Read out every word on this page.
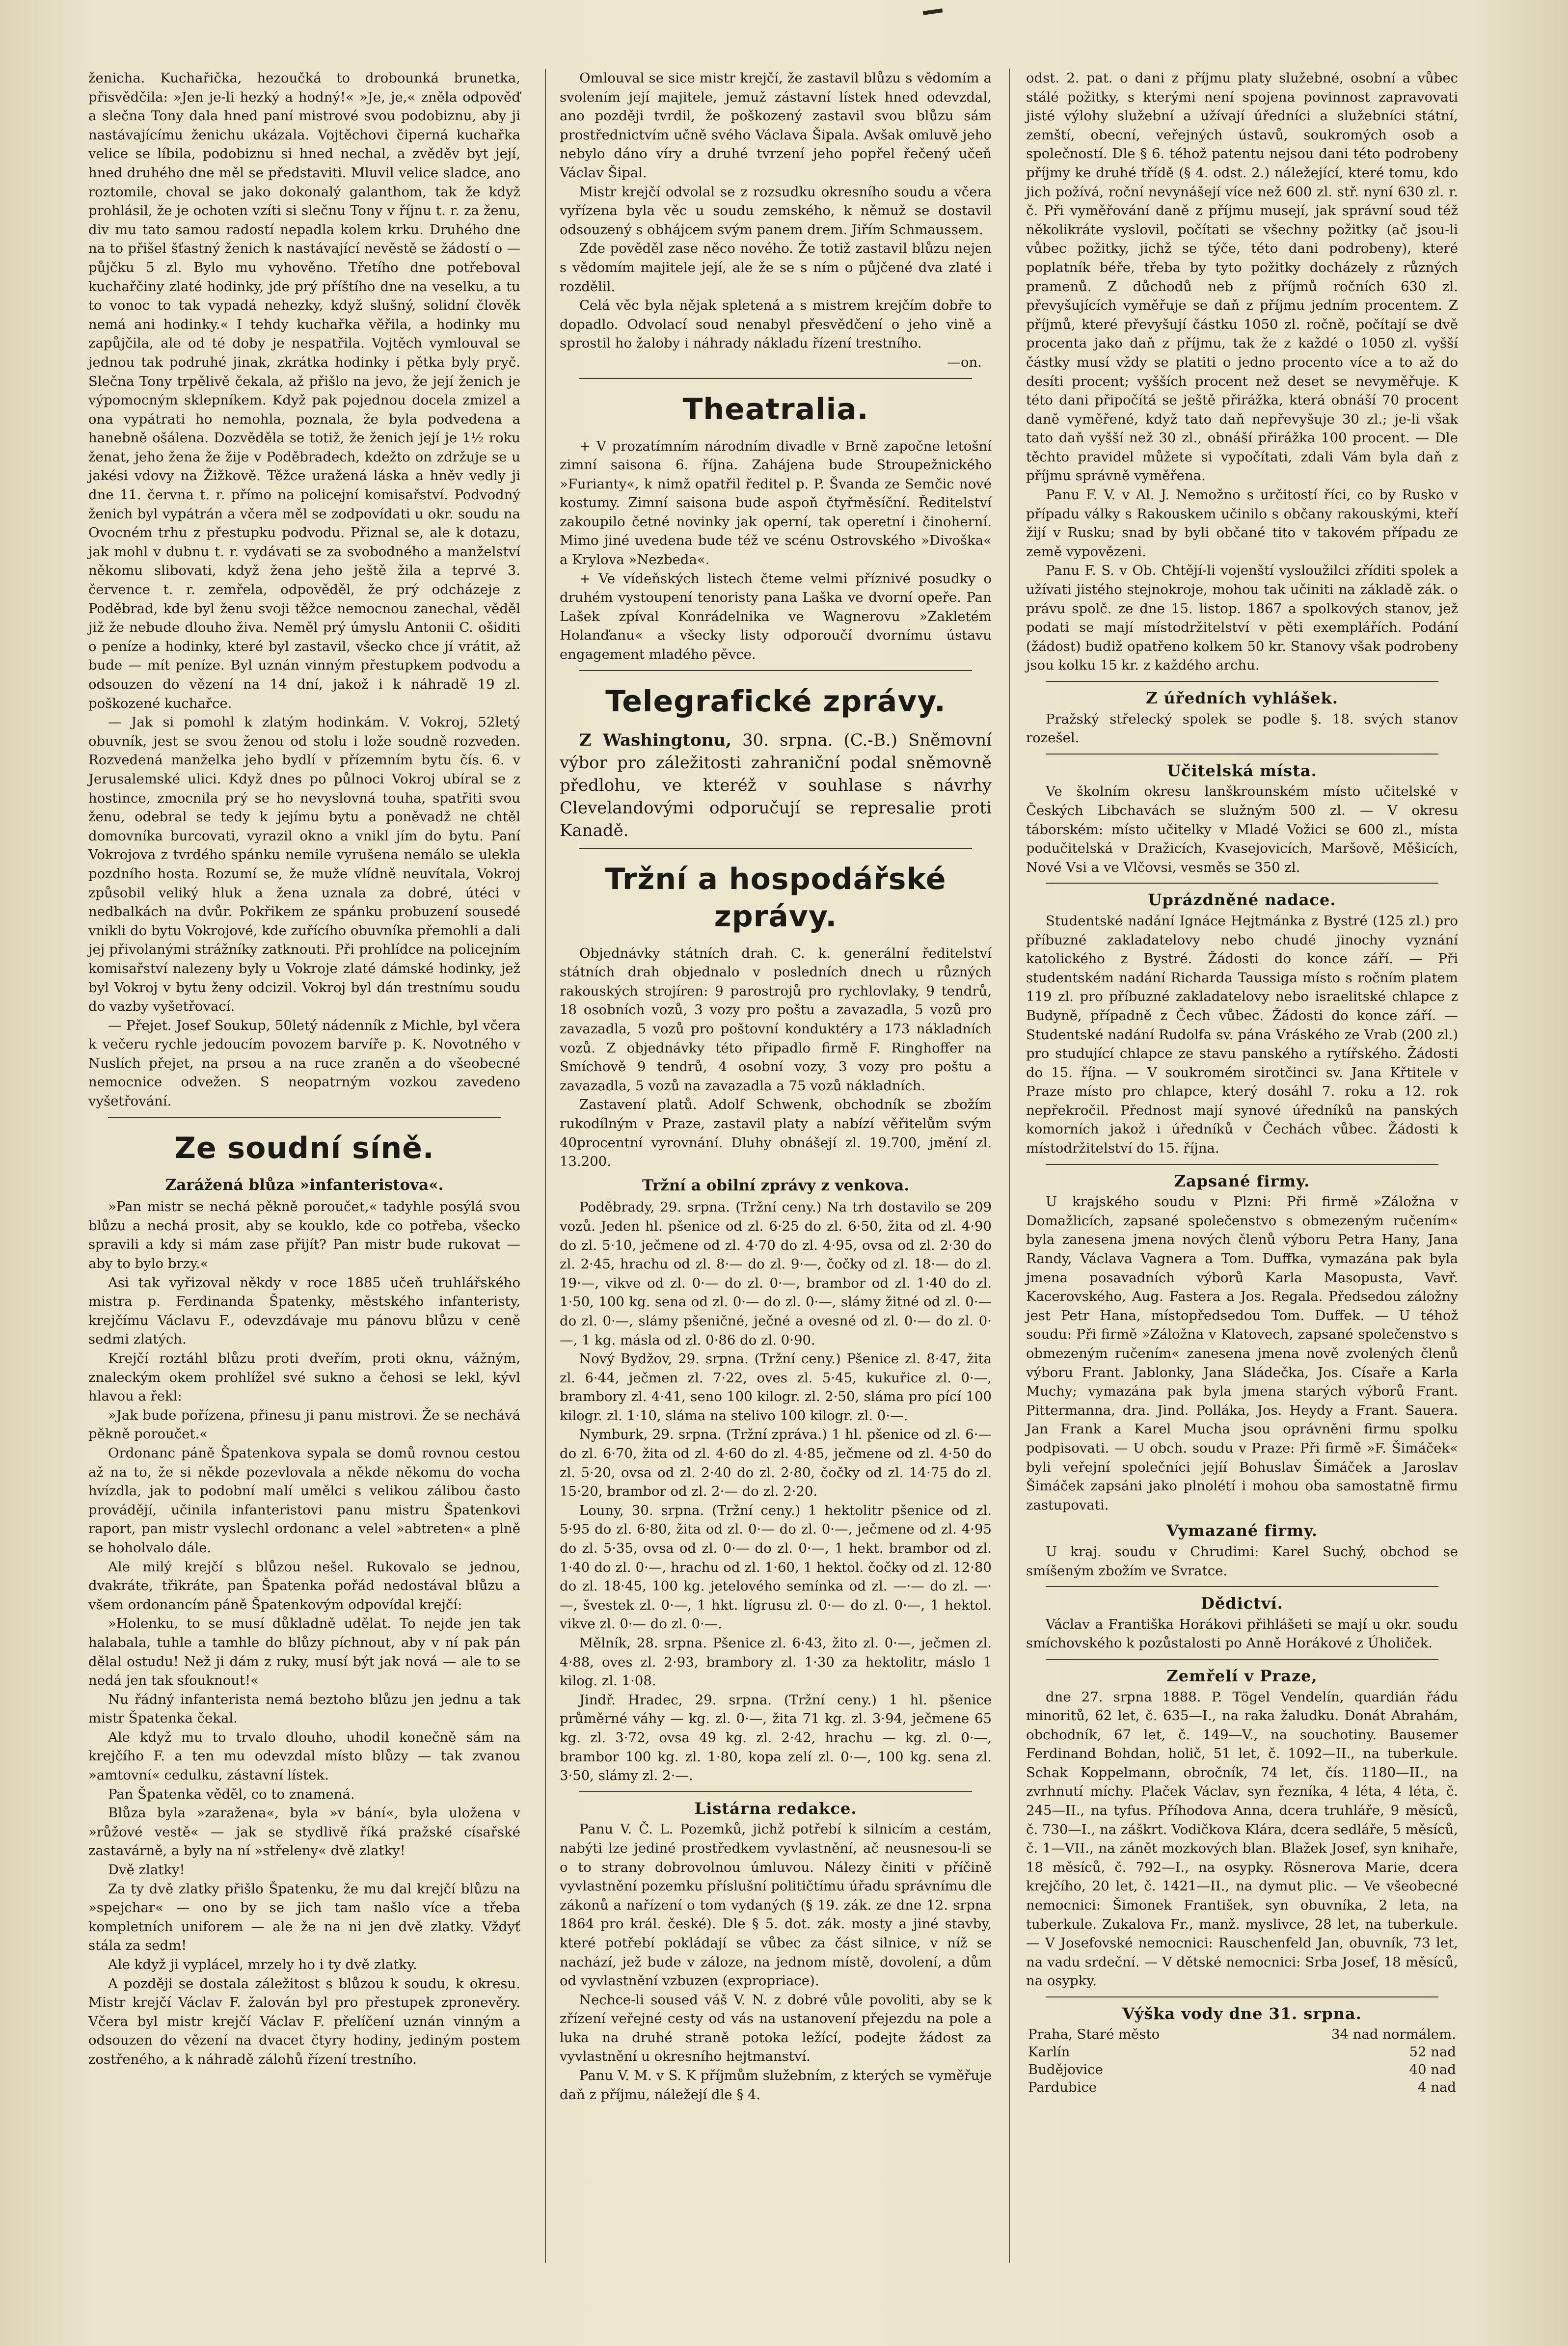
ženicha. Kuchařička, hezoučká to drobounká brunetka, přisvědčila: »Jen je-li hezký a hodný!« »Je, je,« zněla odpověď a slečna Tony dala hned paní mistrové svou podobiznu, aby ji nastávajícímu ženichu ukázala. Vojtěchovi čiperná kuchařka velice se líbila, podobiznu si hned nechal, a zvěděv byt její, hned druhého dne měl se představiti. Mluvil velice sladce, ano roztomile, choval se jako dokonalý galanthom, tak že když prohlásil, že je ochoten vzíti si slečnu Tony v říjnu t. r. za ženu, div mu tato samou radostí nepadla kolem krku. Druhého dne na to přišel šťastný ženich k nastávající nevěstě se žádostí o — půjčku 5 zl. Bylo mu vyhověno. Třetího dne potřeboval kuchařčiny zlaté hodinky, jde prý příštího dne na veselku, a tu to vonoc to tak vypadá nehezky, když slušný, solidní člověk nemá ani hodinky.« I tehdy kuchařka věřila, a hodinky mu zapůjčila, ale od té doby je nespatřila. Vojtěch vymlouval se jednou tak podruhé jinak, zkrátka hodinky i pětka byly pryč. Slečna Tony trpělivě čekala, až přišlo na jevo, že její ženich je výpomocným sklepníkem. Když pak pojednou docela zmizel a ona vypátrati ho nemohla, poznala, že byla podvedena a hanebně ošálena. Dozvěděla se totiž, že ženich její je 1½ roku ženat, jeho žena že žije v Poděbradech, kdežto on zdržuje se u jakési vdovy na Žižkově. Těžce uražená láska a hněv vedly ji dne 11. června t. r. přímo na policejní komisařství. Podvodný ženich byl vypátrán a včera měl se zodpovídati u okr. soudu na Ovocném trhu z přestupku podvodu. Přiznal se, ale k dotazu, jak mohl v dubnu t. r. vydávati se za svobodného a manželství někomu slibovati, když žena jeho ještě žila a teprvé 3. července t. r. zemřela, odpověděl, že prý odcházeje z Poděbrad, kde byl ženu svoji těžce nemocnou zanechal, věděl již že nebude dlouho živa. Neměl prý úmyslu Antonii C. ošiditi o peníze a hodinky, které byl zastavil, všecko chce jí vrátit, až bude — mít peníze. Byl uznán vinným přestupkem podvodu a odsouzen do vězení na 14 dní, jakož i k náhradě 19 zl. poškozené kuchařce.

— Jak si pomohl k zlatým hodinkám. V. Vokroj, 52letý obuvník, jest se svou ženou od stolu i lože soudně rozveden. Rozvedená manželka jeho bydlí v přízemním bytu čís. 6. v Jerusalemské ulici. Když dnes po půlnoci Vokroj ubíral se z hostince, zmocnila prý se ho nevyslovná touha, spatřiti svou ženu, odebral se tedy k jejímu bytu a poněvadž ne chtěl domovníka burcovati, vyrazil okno a vnikl jím do bytu. Paní Vokrojova z tvrdého spánku nemile vyrušena nemálo se ulekla pozdního hosta. Rozumí se, že muže vlídně neuvítala, Vokroj způsobil veliký hluk a žena uznala za dobré, útéci v nedbalkách na dvůr. Pokřikem ze spánku probuzení sousedé vnikli do bytu Vokrojové, kde zuřícího obuvníka přemohli a dali jej přivolanými strážníky zatknouti. Při prohlídce na policejním komisařství nalezeny byly u Vokroje zlaté dámské hodinky, jež byl Vokroj v bytu ženy odcizil. Vokroj byl dán trestnímu soudu do vazby vyšetřovací.

— Přejet. Josef Soukup, 50letý nádenník z Michle, byl včera k večeru rychle jedoucím povozem barvíře p. K. Novotného v Nuslích přejet, na prsou a na ruce zraněn a do všeobecné nemocnice odvežen. S neopatrným vozkou zavedeno vyšetřování.

Ze soudní síně.
Zarážená blůza »infanteristova«.

»Pan mistr se nechá pěkně poroučet,« tadyhle posýlá svou blůzu a nechá prosit, aby se kouklo, kde co potřeba, všecko spravili a kdy si mám zase přijít? Pan mistr bude rukovat — aby to bylo brzy.«

Asi tak vyřizoval někdy v roce 1885 učeň truhlářského mistra p. Ferdinanda Špatenky, městského infanteristy, krejčímu Václavu F., odevzdávaje mu pánovu blůzu v ceně sedmi zlatých.

Krejčí roztáhl blůzu proti dveřím, proti oknu, vážným, znaleckým okem prohlížel své sukno a čehosi se lekl, kývl hlavou a řekl:

»Jak bude pořízena, přinesu ji panu mistrovi. Že se nechává pěkně poroučet.«

Ordonanc páně Špatenkova sypala se domů rovnou cestou až na to, že si někde pozevlovala a někde někomu do vocha hvízdla, jak to podobní malí umělci s velikou zálibou často provádějí, učinila infanteristovi panu mistru Špatenkovi raport, pan mistr vyslechl ordonanc a velel »abtreten« a plně se hoholvalo dále.

Ale milý krejčí s blůzou nešel. Rukovalo se jednou, dvakráte, třikráte, pan Špatenka pořád nedostával blůzu a všem ordonancím páně Špatenkovým odpovídal krejčí:

»Holenku, to se musí důkladně udělat. To nejde jen tak halabala, tuhle a tamhle do blůzy píchnout, aby v ní pak pán dělal ostudu! Než ji dám z ruky, musí být jak nová — ale to se nedá jen tak sfouknout!«

Nu řádný infanterista nemá beztoho blůzu jen jednu a tak mistr Špatenka čekal.

Ale když mu to trvalo dlouho, uhodil konečně sám na krejčího F. a ten mu odevzdal místo blůzy — tak zvanou »amtovní« cedulku, zástavní lístek.

Pan Špatenka věděl, co to znamená.

Blůza byla »zaražena«, byla »v bání«, byla uložena v »růžové vestě« — jak se stydlivě říká pražské císařské zastavárně, a byly na ní »střeleny« dvě zlatky!

Dvě zlatky!

Za ty dvě zlatky přišlo Špatenku, že mu dal krejčí blůzu na »spejchar« — ono by se jich tam našlo více a třeba kompletních uniforem — ale že na ni jen dvě zlatky. Vždyť stála za sedm!

Ale když ji vyplácel, mrzely ho i ty dvě zlatky.

A později se dostala záležitost s blůzou k soudu, k okresu. Mistr krejčí Václav F. žalován byl pro přestupek zpronevěry. Včera byl mistr krejčí Václav F. přelíčení uznán vinným a odsouzen do vězení na dvacet čtyry hodiny, jediným postem zostřeného, a k náhradě zálohů řízení trestního.

Omlouval se sice mistr krejčí, že zastavil blůzu s vědomím a svolením její majitele, jemuž zástavní lístek hned odevzdal, ano později tvrdil, že poškozený zastavil svou blůzu sám prostřednictvím učně svého Václava Šipala. Avšak omluvě jeho nebylo dáno víry a druhé tvrzení jeho popřel řečený učeň Václav Šipal.

Mistr krejčí odvolal se z rozsudku okresního soudu a včera vyřízena byla věc u soudu zemského, k němuž se dostavil odsouzený s obhájcem svým panem drem. Jiřím Schmaussem.

Zde pověděl zase něco nového. Že totiž zastavil blůzu nejen s vědomím majitele její, ale že se s ním o půjčené dva zlaté i rozdělil.

Celá věc byla nějak spletená a s mistrem krejčím dobře to dopadlo. Odvolací soud nenabyl přesvědčení o jeho vině a sprostil ho žaloby i náhrady nákladu řízení trestního.

—on.
Theatralia.

+ V prozatímním národním divadle v Brně započne letošní zimní saisona 6. října. Zahájena bude Stroupežnického »Furianty«, k nimž opatřil ředitel p. P. Švanda ze Semčic nové kostumy. Zimní saisona bude aspoň čtyřměsíční. Ředitelství zakoupilo četné novinky jak operní, tak operetní i činoherní. Mimo jiné uvedena bude též ve scénu Ostrovského »Divoška« a Krylova »Nezbeda«.

+ Ve vídeňských listech čteme velmi příznivé posudky o druhém vystoupení tenoristy pana Laška ve dvorní opeře. Pan Lašek zpíval Konrádelnika ve Wagnerovu »Zakletém Holanďanu« a všecky listy odporoučí dvornímu ústavu engagement mladého pěvce.

Telegrafické zprávy.

Z Washingtonu, 30. srpna. (C.-B.) Sněmovní výbor pro záležitosti zahraniční podal sněmovně předlohu, ve kteréž v souhlase s návrhy Clevelandovými odporučují se represalie proti Kanadě.

Tržní a hospodářské zprávy.

Objednávky státních drah. C. k. generální ředitelství státních drah objednalo v posledních dnech u různých rakouských strojíren: 9 parostrojů pro rychlovlaky, 9 tendrů, 18 osobních vozů, 3 vozy pro poštu a zavazadla, 5 vozů pro zavazadla, 5 vozů pro poštovní konduktéry a 173 nákladních vozů. Z objednávky této připadlo firmě F. Ringhoffer na Smíchově 9 tendrů, 4 osobní vozy, 3 vozy pro poštu a zavazadla, 5 vozů na zavazadla a 75 vozů nákladních.

Zastavení platů. Adolf Schwenk, obchodník se zbožím rukodílným v Praze, zastavil platy a nabízí věřitelům svým 40procentní vyrovnání. Dluhy obnášejí zl. 19.700, jmění zl. 13.200.

Tržní a obilní zprávy z venkova.

Poděbrady, 29. srpna. (Tržní ceny.) Na trh dostavilo se 209 vozů. Jeden hl. pšenice od zl. 6·25 do zl. 6·50, žita od zl. 4·90 do zl. 5·10, ječmene od zl. 4·70 do zl. 4·95, ovsa od zl. 2·30 do zl. 2·45, hrachu od zl. 8·— do zl. 9·—, čočky od zl. 18·— do zl. 19·—, vikve od zl. 0·— do zl. 0·—, brambor od zl. 1·40 do zl. 1·50, 100 kg. sena od zl. 0·— do zl. 0·—, slámy žitné od zl. 0·— do zl. 0·—, slámy pšeničné, ječné a ovesné od zl. 0·— do zl. 0·—, 1 kg. másla od zl. 0·86 do zl. 0·90.

Nový Bydžov, 29. srpna. (Tržní ceny.) Pšenice zl. 8·47, žita zl. 6·44, ječmen zl. 7·22, oves zl. 5·45, kukuřice zl. 0·—, brambory zl. 4·41, seno 100 kilogr. zl. 2·50, sláma pro pící 100 kilogr. zl. 1·10, sláma na stelivo 100 kilogr. zl. 0·—.

Nymburk, 29. srpna. (Tržní zpráva.) 1 hl. pšenice od zl. 6·— do zl. 6·70, žita od zl. 4·60 do zl. 4·85, ječmene od zl. 4·50 do zl. 5·20, ovsa od zl. 2·40 do zl. 2·80, čočky od zl. 14·75 do zl. 15·20, brambor od zl. 2·— do zl. 2·20.

Louny, 30. srpna. (Tržní ceny.) 1 hektolitr pšenice od zl. 5·95 do zl. 6·80, žita od zl. 0·— do zl. 0·—, ječmene od zl. 4·95 do zl. 5·35, ovsa od zl. 0·— do zl. 0·—, 1 hekt. brambor od zl. 1·40 do zl. 0·—, hrachu od zl. 1·60, 1 hektol. čočky od zl. 12·80 do zl. 18·45, 100 kg. jetelového semínka od zl. —·— do zl. —·—, švestek zl. 0·—, 1 hkt. lígrusu zl. 0·— do zl. 0·—, 1 hektol. vikve zl. 0·— do zl. 0·—.

Mělník, 28. srpna. Pšenice zl. 6·43, žito zl. 0·—, ječmen zl. 4·88, oves zl. 2·93, brambory zl. 1·30 za hektolitr, máslo 1 kilog. zl. 1·08.

Jindř. Hradec, 29. srpna. (Tržní ceny.) 1 hl. pšenice průměrné váhy — kg. zl. 0·—, žita 71 kg. zl. 3·94, ječmene 65 kg. zl. 3·72, ovsa 49 kg. zl. 2·42, hrachu — kg. zl. 0·—, brambor 100 kg. zl. 1·80, kopa zelí zl. 0·—, 100 kg. sena zl. 3·50, slámy zl. 2·—.

Listárna redakce.

Panu V. Č. L. Pozemků, jichž potřebí k silnicím a cestám, nabýti lze jediné prostředkem vyvlastnění, ač neusnesou-li se o to strany dobrovolnou úmluvou. Nálezy činiti v příčině vyvlastnění pozemku příslušní političtímu úřadu správnímu dle zákonů a nařízení o tom vydaných (§ 19. zák. ze dne 12. srpna 1864 pro král. české). Dle § 5. dot. zák. mosty a jiné stavby, které potřebí pokládají se vůbec za část silnice, v níž se nachází, jež bude v záloze, na jednom místě, dovolení, a dům od vyvlastnění vzbuzen (expropriace).

Nechce-li soused váš V. N. z dobré vůle povoliti, aby se k zřízení veřejné cesty od vás na ustanovení přejezdu na pole a luka na druhé straně potoka ležící, podejte žádost za vyvlastnění u okresního hejtmanství.

Panu V. M. v S. K příjmům služebním, z kterých se vyměřuje daň z příjmu, náležejí dle § 4.

odst. 2. pat. o dani z příjmu platy služebné, osobní a vůbec stálé požitky, s kterými není spojena povinnost zapravovati jisté výlohy služební a užívají úředníci a služebníci státní, zemští, obecní, veřejných ústavů, soukromých osob a společností. Dle § 6. téhož patentu nejsou dani této podrobeny příjmy ke druhé třídě (§ 4. odst. 2.) náležející, které tomu, kdo jich požívá, roční nevynášejí více než 600 zl. stř. nyní 630 zl. r. č. Při vyměřování daně z příjmu musejí, jak správní soud též několikráte vyslovil, počítati se všechny požitky (ač jsou-li vůbec požitky, jichž se týče, této dani podrobeny), které poplatník béře, třeba by tyto požitky docházely z různých pramenů. Z důchodů neb z příjmů ročních 630 zl. převyšujících vyměřuje se daň z příjmu jedním procentem. Z příjmů, které převyšují částku 1050 zl. ročně, počítají se dvě procenta jako daň z příjmu, tak že z každé o 1050 zl. vyšší částky musí vždy se platiti o jedno procento více a to až do desíti procent; vyšších procent než deset se nevyměřuje. K této dani připočítá se ještě přirážka, která obnáší 70 procent daně vyměřené, když tato daň nepřevyšuje 30 zl.; je-li však tato daň vyšší než 30 zl., obnáší přirážka 100 procent. — Dle těchto pravidel můžete si vypočítati, zdali Vám byla daň z příjmu správně vyměřena.

Panu F. V. v Al. J. Nemožno s určitostí říci, co by Rusko v případu války s Rakouskem učinilo s občany rakouskými, kteří žijí v Rusku; snad by byli občané tito v takovém případu ze země vypovězeni.

Panu F. S. v Ob. Chtějí-li vojenští vysloužilci zříditi spolek a užívati jistého stejnokroje, mohou tak učiniti na základě zák. o právu spolč. ze dne 15. listop. 1867 a spolkových stanov, jež podati se mají místodržitelství v pěti exemplářích. Podání (žádost) budiž opatřeno kolkem 50 kr. Stanovy však podrobeny jsou kolku 15 kr. z každého archu.

Z úředních vyhlášek.

Pražský střelecký spolek se podle §. 18. svých stanov rozešel.

Učitelská místa.

Ve školním okresu lanškrounském místo učitelské v Českých Libchavách se služným 500 zl. — V okresu táborském: místo učitelky v Mladé Vožici se 600 zl., místa podučitelská v Dražicích, Kvasejovicích, Maršově, Měšicích, Nové Vsi a ve Vlčovsi, vesměs se 350 zl.

Uprázdněné nadace.

Studentské nadání Ignáce Hejtmánka z Bystré (125 zl.) pro příbuzné zakladatelovy nebo chudé jinochy vyznání katolického z Bystré. Žádosti do konce září. — Při studentském nadání Richarda Taussiga místo s ročním platem 119 zl. pro příbuzné zakladatelovy nebo israelitské chlapce z Budyně, případně z Čech vůbec. Žádosti do konce září. — Studentské nadání Rudolfa sv. pána Vráského ze Vrab (200 zl.) pro studující chlapce ze stavu panského a rytířského. Žádosti do 15. října. — V soukromém sirotčinci sv. Jana Křtitele v Praze místo pro chlapce, který dosáhl 7. roku a 12. rok nepřekročil. Přednost mají synové úředníků na panských komorních jakož i úředníků v Čechách vůbec. Žádosti k místodržitelství do 15. října.

Zapsané firmy.

U krajského soudu v Plzni: Při firmě »Záložna v Domažlicích, zapsané společenstvo s obmezeným ručením« byla zanesena jmena nových členů výboru Petra Hany, Jana Randy, Václava Vagnera a Tom. Duffka, vymazána pak byla jmena posavadních výborů Karla Masopusta, Vavř. Kacerovského, Aug. Fastera a Jos. Regala. Předsedou záložny jest Petr Hana, místopředsedou Tom. Duffek. — U téhož soudu: Při firmě »Záložna v Klatovech, zapsané společenstvo s obmezeným ručením« zanesena jmena nově zvolených členů výboru Frant. Jablonky, Jana Sládečka, Jos. Císaře a Karla Muchy; vymazána pak byla jmena starých výborů Frant. Pittermanna, dra. Jind. Polláka, Jos. Heydy a Frant. Sauera. Jan Frank a Karel Mucha jsou oprávněni firmu spolku podpisovati. — U obch. soudu v Praze: Při firmě »F. Šimáček« byli veřejní společníci jejíí Bohuslav Šimáček a Jaroslav Šimáček zapsáni jako plnolétí i mohou oba samostatně firmu zastupovati.

Vymazané firmy.

U kraj. soudu v Chrudimi: Karel Suchý, obchod se smíšeným zbožím ve Svratce.

Dědictví.

Václav a Františka Horákovi přihlášeti se mají u okr. soudu smíchovského k pozůstalosti po Anně Horákové z Úholiček.

Zemřelí v Praze,

dne 27. srpna 1888. P. Tögel Vendelín, quardián řádu minoritů, 62 let, č. 635—I., na raka žaludku. Donát Abrahám, obchodník, 67 let, č. 149—V., na souchotiny. Bausemer Ferdinand Bohdan, holič, 51 let, č. 1092—II., na tuberkule. Schak Koppelmann, obročník, 74 let, čís. 1180—II., na zvrhnutí míchy. Plaček Václav, syn řezníka, 4 léta, 4 léta, č. 245—II., na tyfus. Příhodova Anna, dcera truhláře, 9 měsíců, č. 730—I., na záškrt. Vodičkova Klára, dcera sedláře, 5 měsíců, č. 1—VII., na zánět mozkových blan. Blažek Josef, syn knihaře, 18 měsíců, č. 792—I., na osypky. Rösnerova Marie, dcera krejčího, 20 let, č. 1421—II., na dymut plic. — Ve všeobecné nemocnici: Šimonek František, syn obuvníka, 2 leta, na tuberkule. Zukalova Fr., manž. myslivce, 28 let, na tuberkule. — V Josefovské nemocnici: Rauschenfeld Jan, obuvník, 73 let, na vadu srdeční. — V dětské nemocnici: Srba Josef, 18 měsíců, na osypky.

Výška vody dne 31. srpna.
Praha, Staré město	34 nad normálem.
Karlín	52 nad
Budějovice	40 nad
Pardubice	4 nad
